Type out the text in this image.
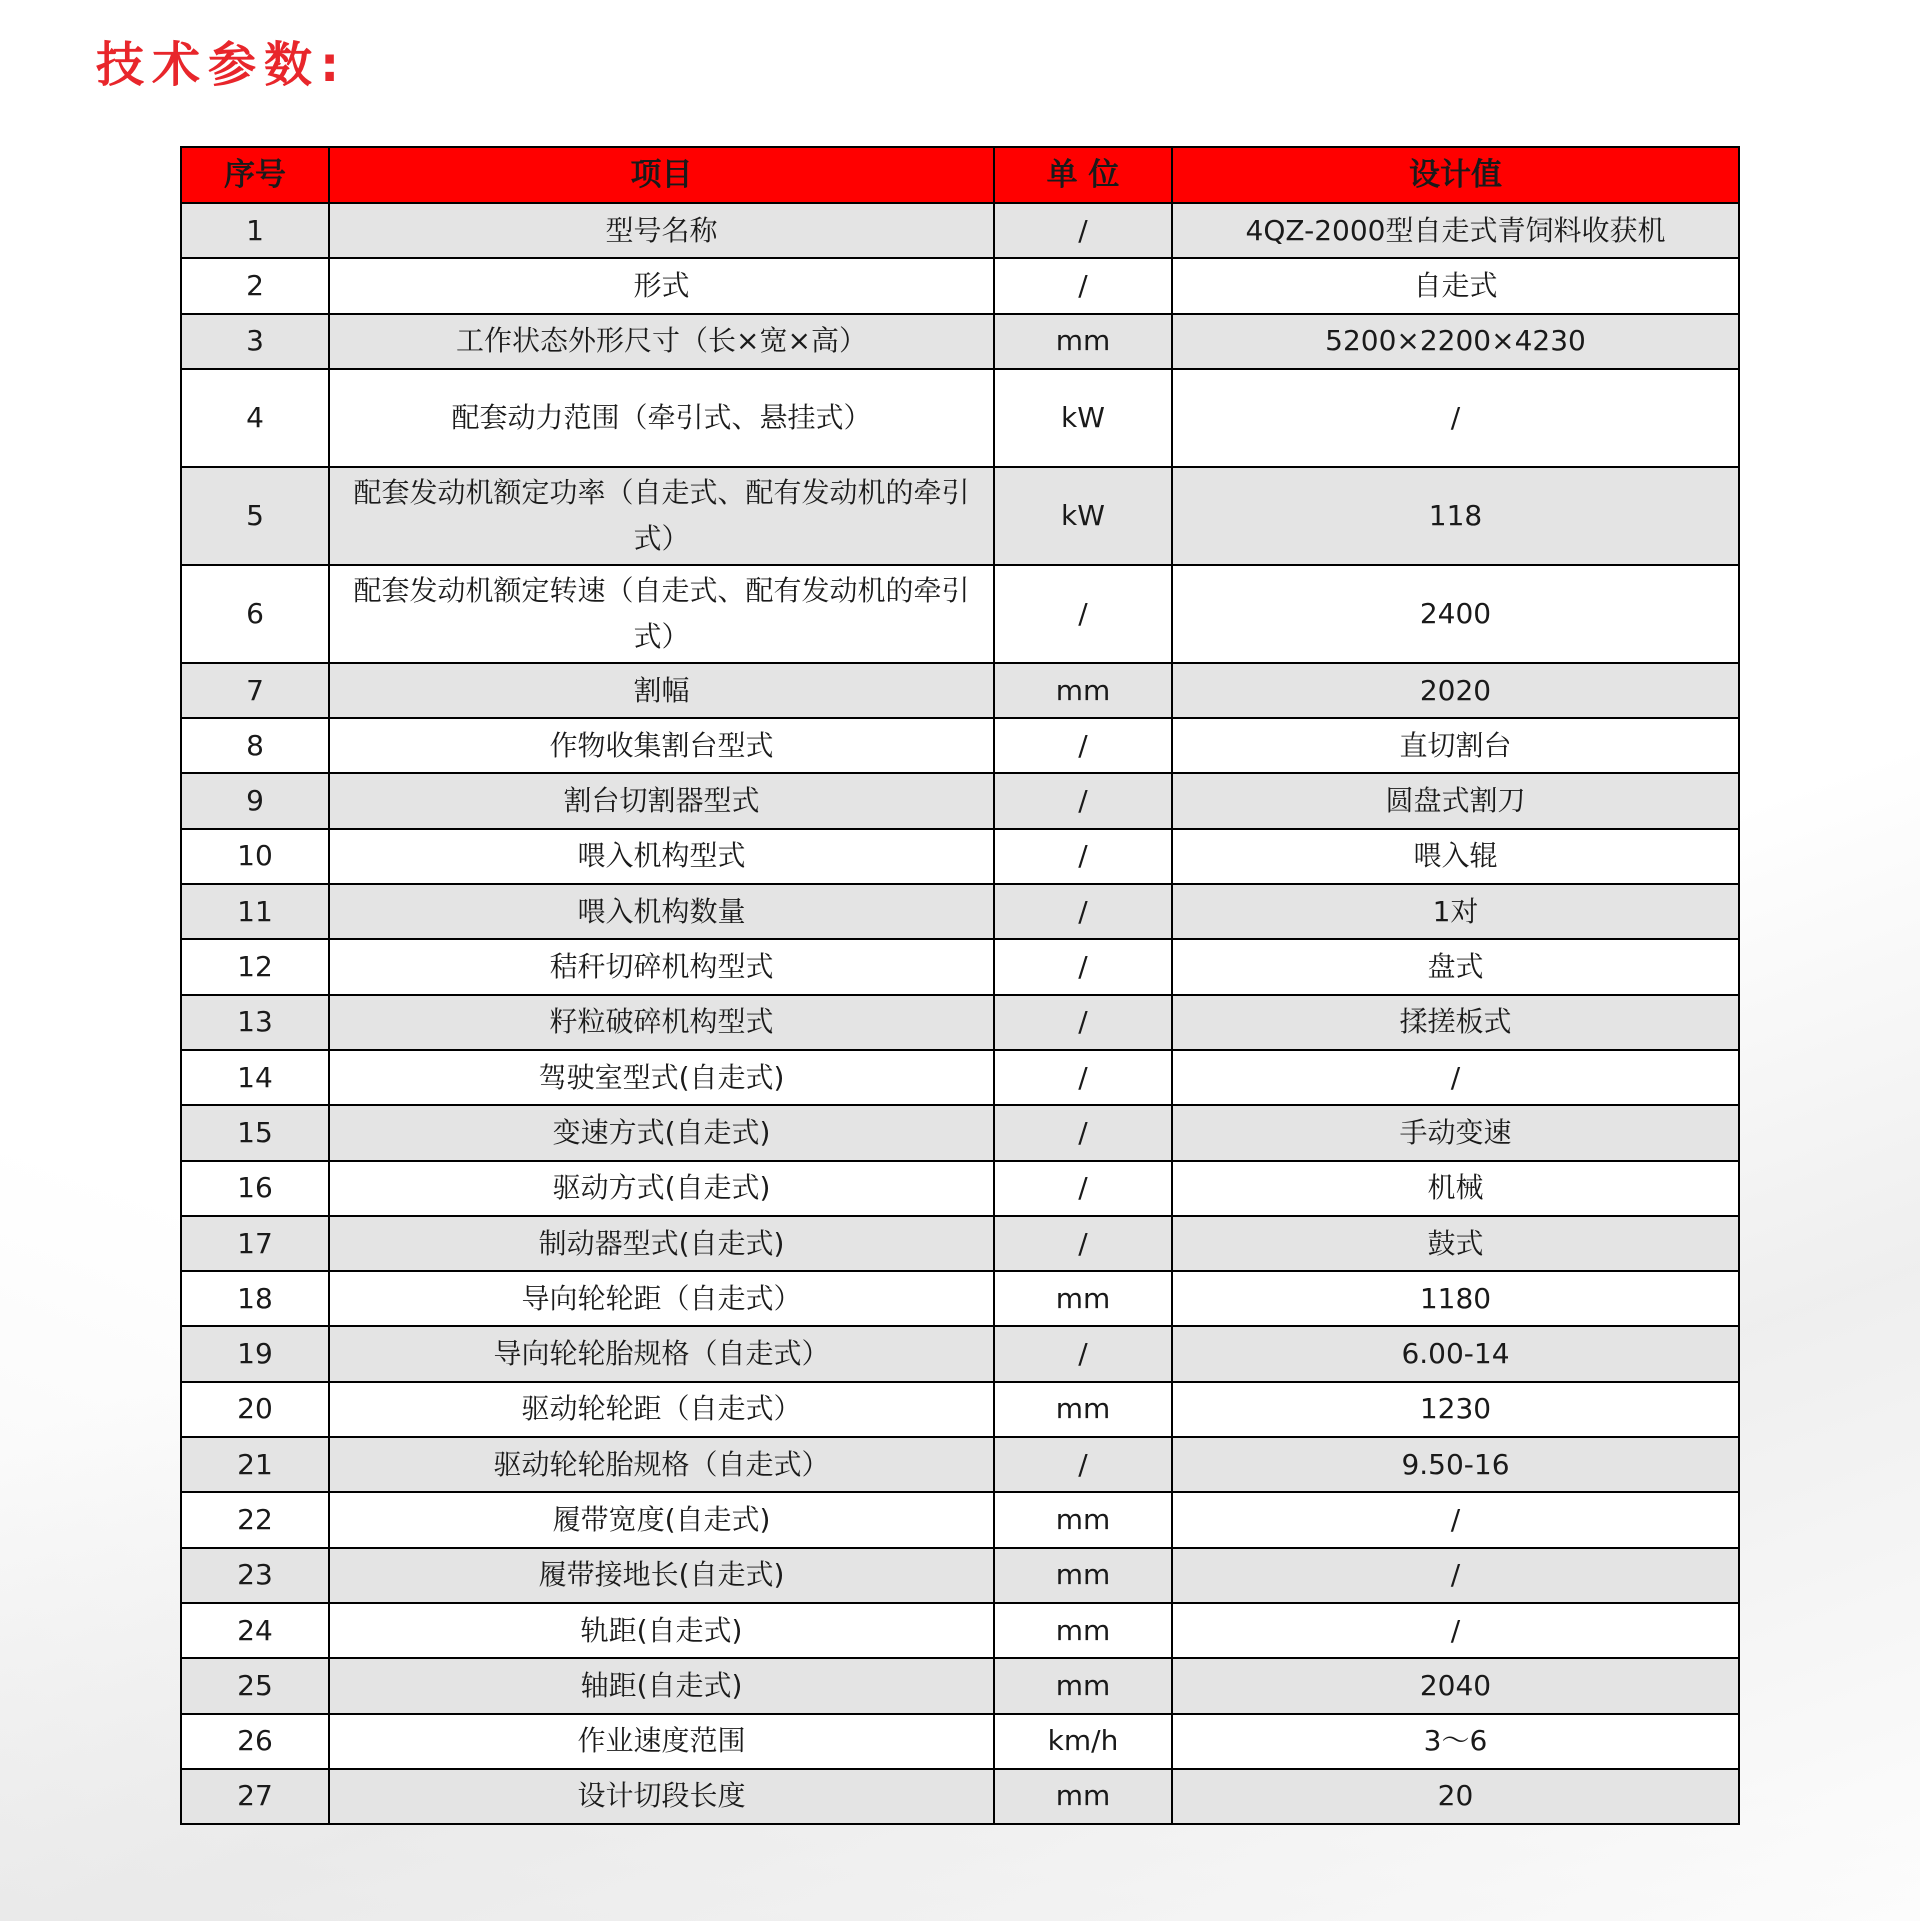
技术参数:
序号	项目	单 位	设计值
1	型号名称	/	4QZ-2000型自走式青饲料收获机
2	形式	/	自走式
3	工作状态外形尺寸（长×宽×高）	mm	5200×2200×4230
4	配套动力范围（牵引式、悬挂式）	kW	/
5	配套发动机额定功率（自走式、配有发动机的牵引式）	kW	118
6	配套发动机额定转速（自走式、配有发动机的牵引式）	/	2400
7	割幅	mm	2020
8	作物收集割台型式	/	直切割台
9	割台切割器型式	/	圆盘式割刀
10	喂入机构型式	/	喂入辊
11	喂入机构数量	/	1对
12	秸秆切碎机构型式	/	盘式
13	籽粒破碎机构型式	/	揉搓板式
14	驾驶室型式(自走式)	/	/
15	变速方式(自走式)	/	手动变速
16	驱动方式(自走式)	/	机械
17	制动器型式(自走式)	/	鼓式
18	导向轮轮距（自走式）	mm	1180
19	导向轮轮胎规格（自走式）	/	6.00-14
20	驱动轮轮距（自走式）	mm	1230
21	驱动轮轮胎规格（自走式）	/	9.50-16
22	履带宽度(自走式)	mm	/
23	履带接地长(自走式)	mm	/
24	轨距(自走式)	mm	/
25	轴距(自走式)	mm	2040
26	作业速度范围	km/h	3～6
27	设计切段长度	mm	20
